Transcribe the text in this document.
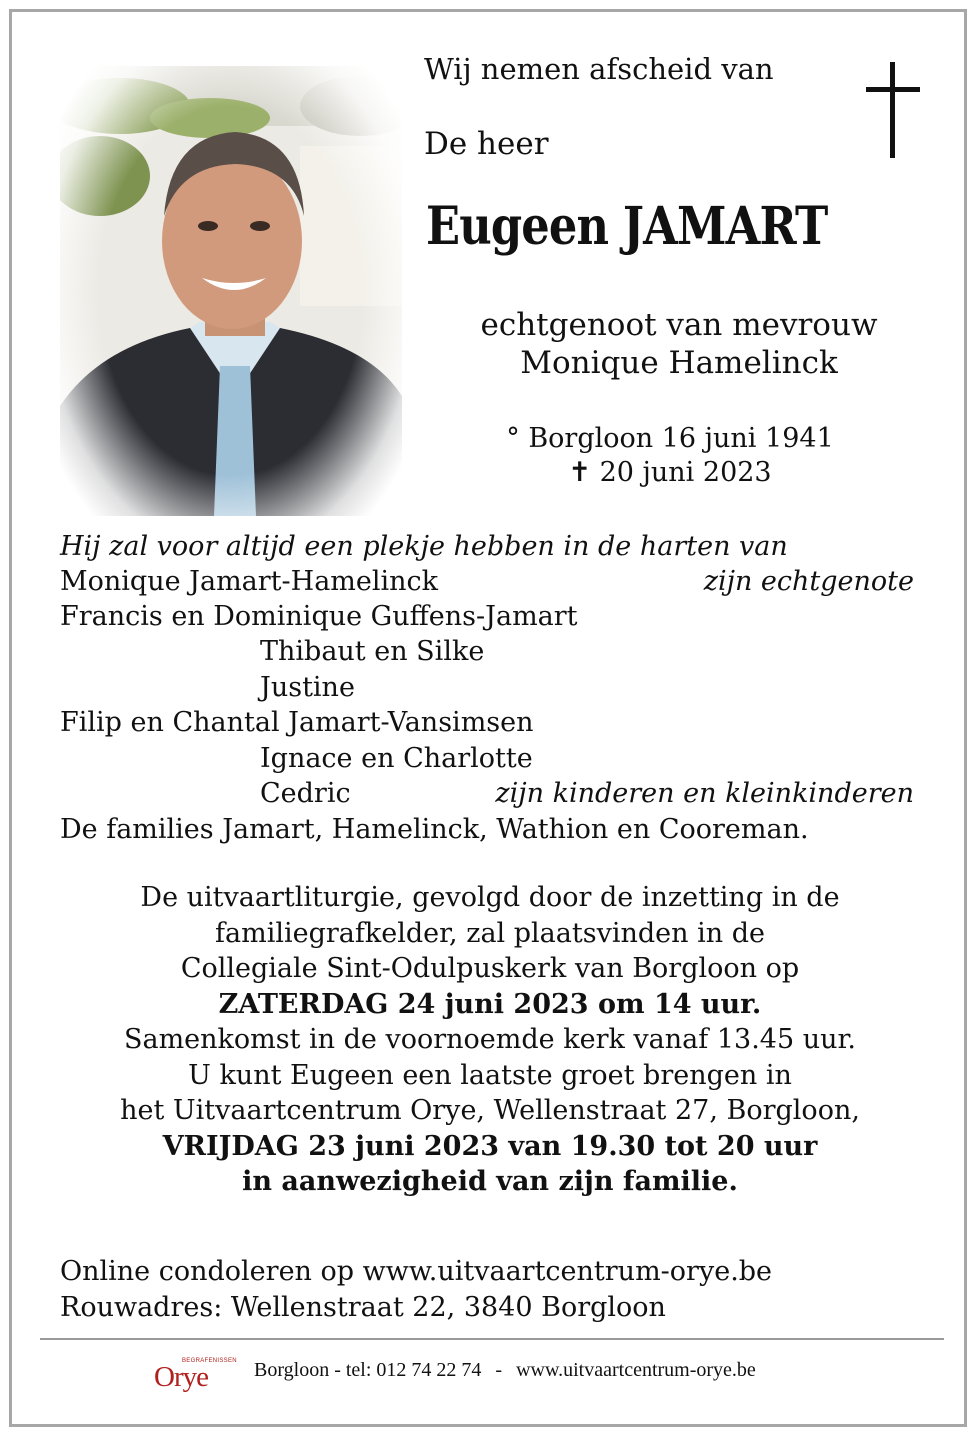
Wij nemen afscheid van
De heer
Eugeen JAMART
echtgenoot van mevrouw
Monique Hamelinck
° Borgloon 16 juni 1941
✝ 20 juni 2023
Hij zal voor altijd een plekje hebben in de harten van
Monique Jamart-Hamelinck	zijn echtgenote
Francis en Dominique Guffens-Jamart
Thibaut en Silke
Justine
Filip en Chantal Jamart-Vansimsen
Ignace en Charlotte
Cedric	zijn kinderen en kleinkinderen
De families Jamart, Hamelinck, Wathion en Cooreman.
De uitvaartliturgie, gevolgd door de inzetting in de
familiegrafkelder, zal plaatsvinden in de
Collegiale Sint-Odulpuskerk van Borgloon op
ZATERDAG 24 juni 2023 om 14 uur.
Samenkomst in de voornoemde kerk vanaf 13.45 uur.
U kunt Eugeen een laatste groet brengen in
het Uitvaartcentrum Orye, Wellenstraat 27, Borgloon,
VRIJDAG 23 juni 2023 van 19.30 tot 20 uur
in aanwezigheid van zijn familie.
Online condoleren op www.uitvaartcentrum-orye.be
Rouwadres: Wellenstraat 22, 3840 Borgloon
BEGRAFENISSEN
Orye Borgloon - tel: 012 74 22 74 - www.uitvaartcentrum-orye.be
